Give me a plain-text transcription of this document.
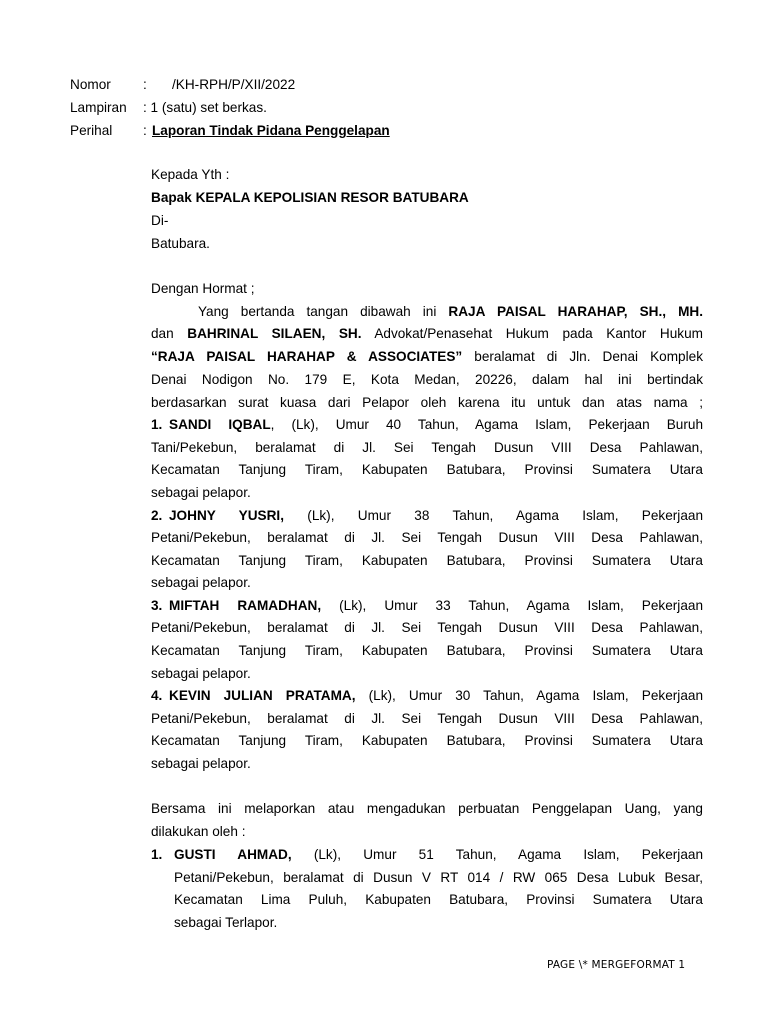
Nomor : /KH-RPH/P/XII/2022
Lampiran : 1 (satu) set berkas.
Perihal : Laporan Tindak Pidana Penggelapan
Kepada Yth :
Bapak KEPALA KEPOLISIAN RESOR BATUBARA
Di-
Batubara.
Dengan Hormat ;
Yang bertanda tangan dibawah ini RAJA PAISAL HARAHAP, SH., MH.
dan BAHRINAL SILAEN, SH. Advokat/Penasehat Hukum pada Kantor Hukum
“RAJA PAISAL HARAHAP & ASSOCIATES” beralamat di Jln. Denai Komplek
Denai Nodigon No. 179 E, Kota Medan, 20226, dalam hal ini bertindak
berdasarkan surat kuasa dari Pelapor oleh karena itu untuk dan atas nama ;
1. SANDI IQBAL, (Lk), Umur 40 Tahun, Agama Islam, Pekerjaan Buruh
Tani/Pekebun, beralamat di Jl. Sei Tengah Dusun VIII Desa Pahlawan,
Kecamatan Tanjung Tiram, Kabupaten Batubara, Provinsi Sumatera Utara
sebagai pelapor.
2. JOHNY YUSRI, (Lk), Umur 38 Tahun, Agama Islam, Pekerjaan
Petani/Pekebun, beralamat di Jl. Sei Tengah Dusun VIII Desa Pahlawan,
Kecamatan Tanjung Tiram, Kabupaten Batubara, Provinsi Sumatera Utara
sebagai pelapor.
3. MIFTAH RAMADHAN, (Lk), Umur 33 Tahun, Agama Islam, Pekerjaan
Petani/Pekebun, beralamat di Jl. Sei Tengah Dusun VIII Desa Pahlawan,
Kecamatan Tanjung Tiram, Kabupaten Batubara, Provinsi Sumatera Utara
sebagai pelapor.
4. KEVIN JULIAN PRATAMA, (Lk), Umur 30 Tahun, Agama Islam, Pekerjaan
Petani/Pekebun, beralamat di Jl. Sei Tengah Dusun VIII Desa Pahlawan,
Kecamatan Tanjung Tiram, Kabupaten Batubara, Provinsi Sumatera Utara
sebagai pelapor.
Bersama ini melaporkan atau mengadukan perbuatan Penggelapan Uang, yang
dilakukan oleh :
1. GUSTI AHMAD, (Lk), Umur 51 Tahun, Agama Islam, Pekerjaan
Petani/Pekebun, beralamat di Dusun V RT 014 / RW 065 Desa Lubuk Besar,
Kecamatan Lima Puluh, Kabupaten Batubara, Provinsi Sumatera Utara
sebagai Terlapor.
PAGE \* MERGEFORMAT 1
